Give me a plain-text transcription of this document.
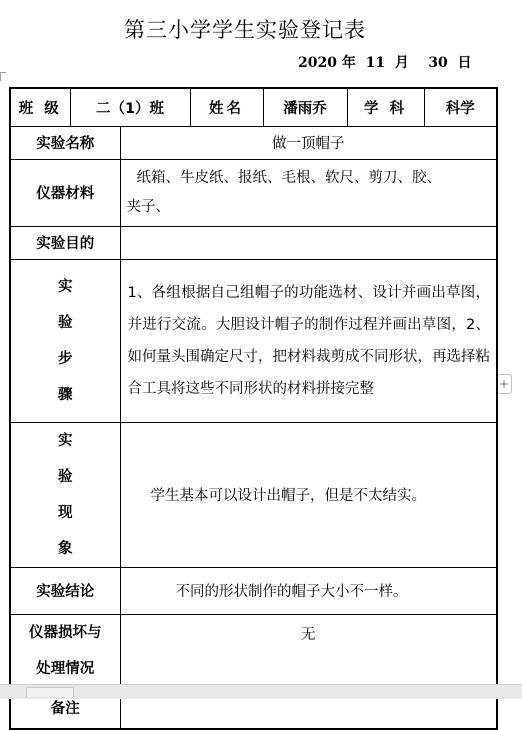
第三小学学生实验登记表
2020 年  11  月    30  日
+
班 级	二（1）班		姓名	潘雨乔	学 科	科学
实验名称		做一顶帽子				
仪器材料		纸箱、牛皮纸、报纸、毛根、软尺、剪刀、胶、
夹子、				

实验目的						

实 验
步 骤		1、各组根据自己组帽子的功能选材、设计并画出草图，并进行交流。大胆设计帽子的制作过程并画出草图，2、如何量头围确定尺寸，把材料裁剪成不同形状，再选择粘合工具将这些不同形状的材料拼接完整				

实 验
现 象		学生基本可以设计出帽子，但是不太结实。				
实验结论		不同的形状制作的帽子大小不一样。				

仪器损坏与
处理情况		无				
备注						
